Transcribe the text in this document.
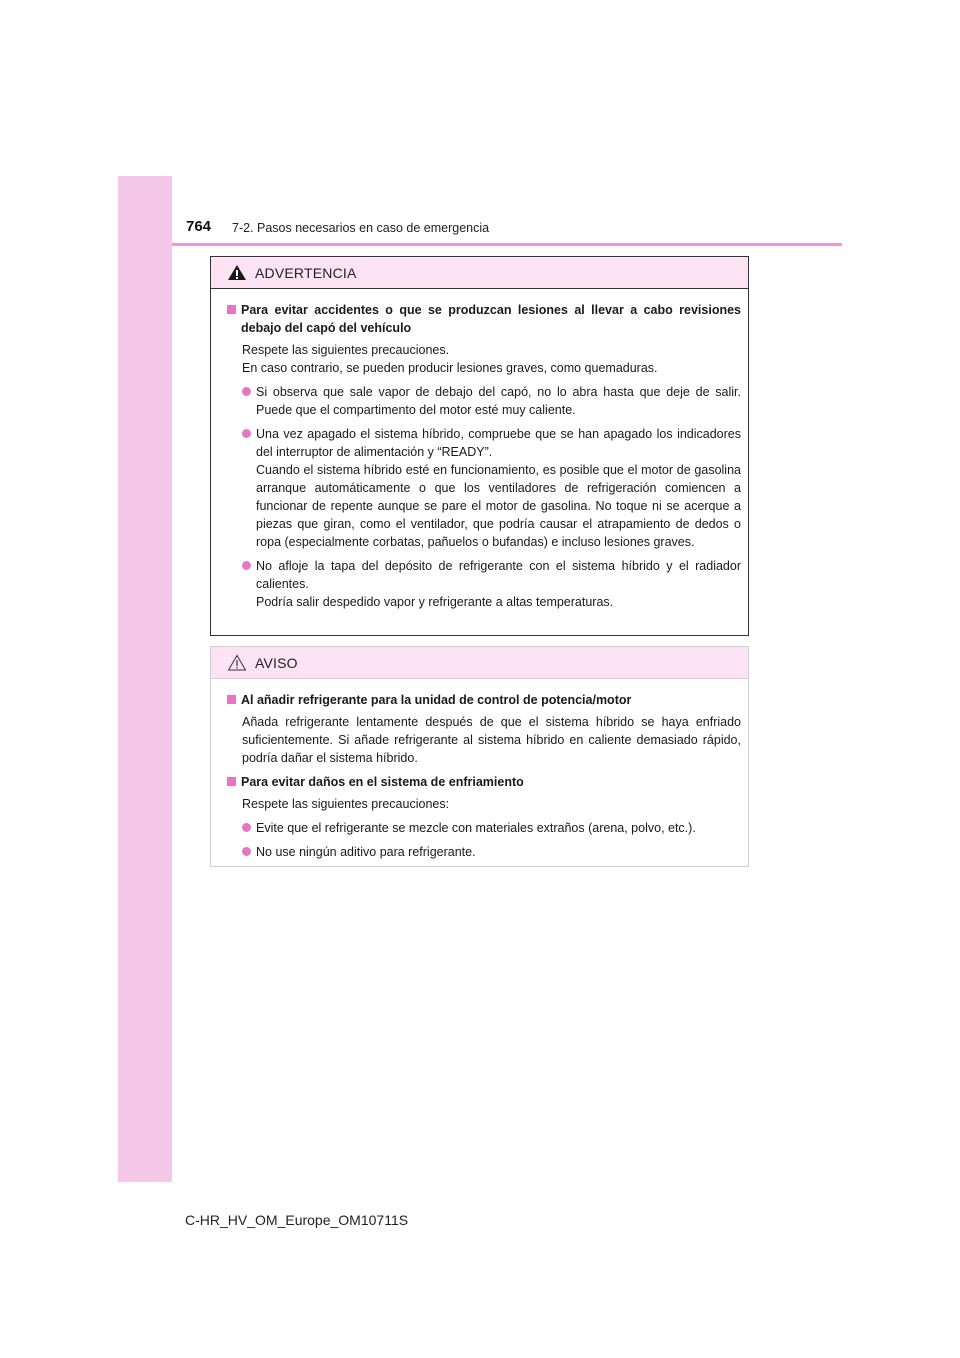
764 7-2. Pasos necesarios en caso de emergencia
ADVERTENCIA
Para evitar accidentes o que se produzcan lesiones al llevar a cabo revisiones debajo del capó del vehículo
Respete las siguientes precauciones.
En caso contrario, se pueden producir lesiones graves, como quemaduras.
Si observa que sale vapor de debajo del capó, no lo abra hasta que deje de salir. Puede que el compartimento del motor esté muy caliente.
Una vez apagado el sistema híbrido, compruebe que se han apagado los indicadores del interruptor de alimentación y “READY”.
Cuando el sistema híbrido esté en funcionamiento, es posible que el motor de gasolina arranque automáticamente o que los ventiladores de refrigeración comiencen a funcionar de repente aunque se pare el motor de gasolina. No toque ni se acerque a piezas que giran, como el ventilador, que podría causar el atrapamiento de dedos o ropa (especialmente corbatas, pañuelos o bufandas) e incluso lesiones graves.
No afloje la tapa del depósito de refrigerante con el sistema híbrido y el radiador calientes.
Podría salir despedido vapor y refrigerante a altas temperaturas.
AVISO
Al añadir refrigerante para la unidad de control de potencia/motor
Añada refrigerante lentamente después de que el sistema híbrido se haya enfriado suficientemente. Si añade refrigerante al sistema híbrido en caliente demasiado rápido, podría dañar el sistema híbrido.
Para evitar daños en el sistema de enfriamiento
Respete las siguientes precauciones:
Evite que el refrigerante se mezcle con materiales extraños (arena, polvo, etc.).
No use ningún aditivo para refrigerante.
C-HR_HV_OM_Europe_OM10711S
